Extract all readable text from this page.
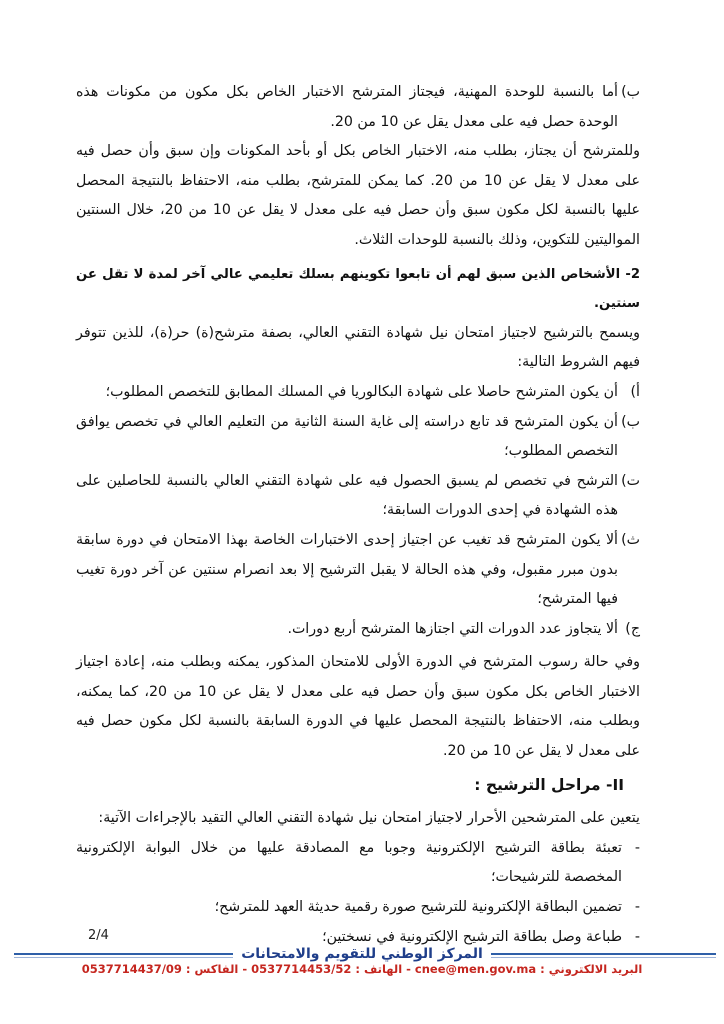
ب)
أما بالنسبة للوحدة المهنية، فيجتاز المترشح الاختبار الخاص بكل مكون من مكونات هذه الوحدة حصل فيه على معدل يقل عن 10 من 20.

وللمترشح أن يجتاز، بطلب منه، الاختبار الخاص بكل أو بأحد المكونات وإن سبق وأن حصل فيه على معدل لا يقل عن 10 من 20. كما يمكن للمترشح، بطلب منه، الاحتفاظ بالنتيجة المحصل عليها بالنسبة لكل مكون سبق وأن حصل فيه على معدل لا يقل عن 10 من 20، خلال السنتين المواليتين للتكوين، وذلك بالنسبة للوحدات الثلاث.

2- الأشخاص الذين سبق لهم أن تابعوا تكوينهم بسلك تعليمي عالي آخر لمدة لا تقل عن سنتين.

ويسمح بالترشيح لاجتياز امتحان نيل شهادة التقني العالي، بصفة مترشح(ة) حر(ة)، للذين تتوفر فيهم الشروط التالية:

أ)
أن يكون المترشح حاصلا على شهادة البكالوريا في المسلك المطابق للتخصص المطلوب؛

ب)
أن يكون المترشح قد تابع دراسته إلى غاية السنة الثانية من التعليم العالي في تخصص يوافق التخصص المطلوب؛

ت)
الترشح في تخصص لم يسبق الحصول فيه على شهادة التقني العالي بالنسبة للحاصلين على هذه الشهادة في إحدى الدورات السابقة؛

ث)
ألا يكون المترشح قد تغيب عن اجتياز إحدى الاختبارات الخاصة بهذا الامتحان في دورة سابقة بدون مبرر مقبول، وفي هذه الحالة لا يقبل الترشيح إلا بعد انصرام سنتين عن آخر دورة تغيب فيها المترشح؛

ج)
ألا يتجاوز عدد الدورات التي اجتازها المترشح أربع دورات.

وفي حالة رسوب المترشح في الدورة الأولى للامتحان المذكور، يمكنه وبطلب منه، إعادة اجتياز الاختبار الخاص بكل مكون سبق وأن حصل فيه على معدل لا يقل عن 10 من 20، كما يمكنه، وبطلب منه، الاحتفاظ بالنتيجة المحصل عليها في الدورة السابقة بالنسبة لكل مكون حصل فيه على معدل لا يقل عن 10 من 20.

II- مراحل الترشيح :

يتعين على المترشحين الأحرار لاجتياز امتحان نيل شهادة التقني العالي التقيد بالإجراءات الآتية:

-
تعبئة بطاقة الترشيح الإلكترونية وجوبا مع المصادقة عليها من خلال البوابة الإلكترونية المخصصة للترشيحات؛

-
تضمين البطاقة الإلكترونية للترشيح صورة رقمية حديثة العهد للمترشح؛

-
طباعة وصل بطاقة الترشيح الإلكترونية في نسختين؛

2/4
المركز الوطني للتقويم والامتحانات
البريد الالكتروني : cnee@men.gov.ma - الهاتف : 0537714453/52 - الفاكس : 0537714437/09
